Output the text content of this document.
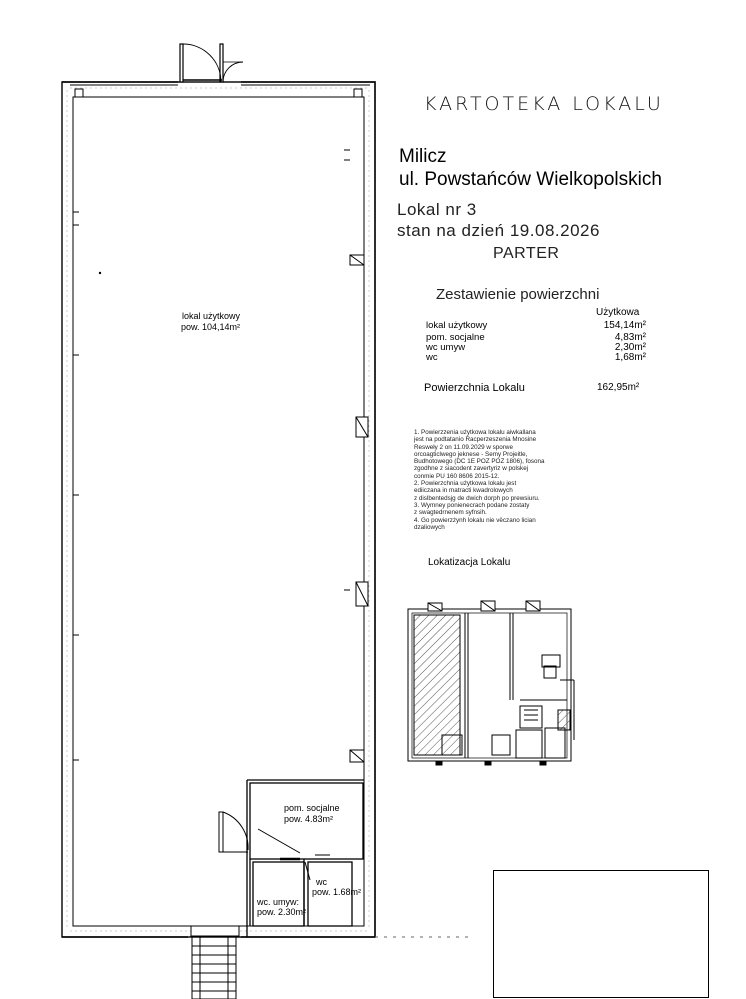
KARTOTEKA LOKALU
Milicz
ul. Powstańców Wielkopolskich
Lokal nr 3
stan na dzień 19.08.2026
PARTER
Zestawienie powierzchni
Użytkowa
lokal użytkowy	154,14m²
pom. socjalne	4,83m²
wc umyw	2,30m²
wc	1,68m²
Powierzchnia Lokalu	162,95m²
1. Powierzzenia użytkowa lokalu aiwkallana
jest na podtatanio Racperzeszenia Mnosine
Resweły 2 on 11.09.2029 w sporwe
orcoagticlwego jeknese - Semy Projeitle,
Budhotowego (DC 1E POZ POZ 1806), fosona
zgodhne z siacodent zavertyriz w polskej
conmie PU 160 8606 2015-12.
2. Powierzchnia użytkowa lokalu jest
ediiczana in matracti kwadrolowych
z dislbentedsjg de dwich dorph po prewsiuru.
3. Wymney ponienecrach podane zostaty
z swagtedrnenem syfnsih.
4. Go powierzżynh lokalu nie vëczano lician
dzaliowych
Lokatizacja Lokalu
lokal użytkowy
pow. 104,14m²
pom. socjalne
pow. 4.83m²
wc. umyw:
pow. 2.30m²
wc
pow. 1.68m²
